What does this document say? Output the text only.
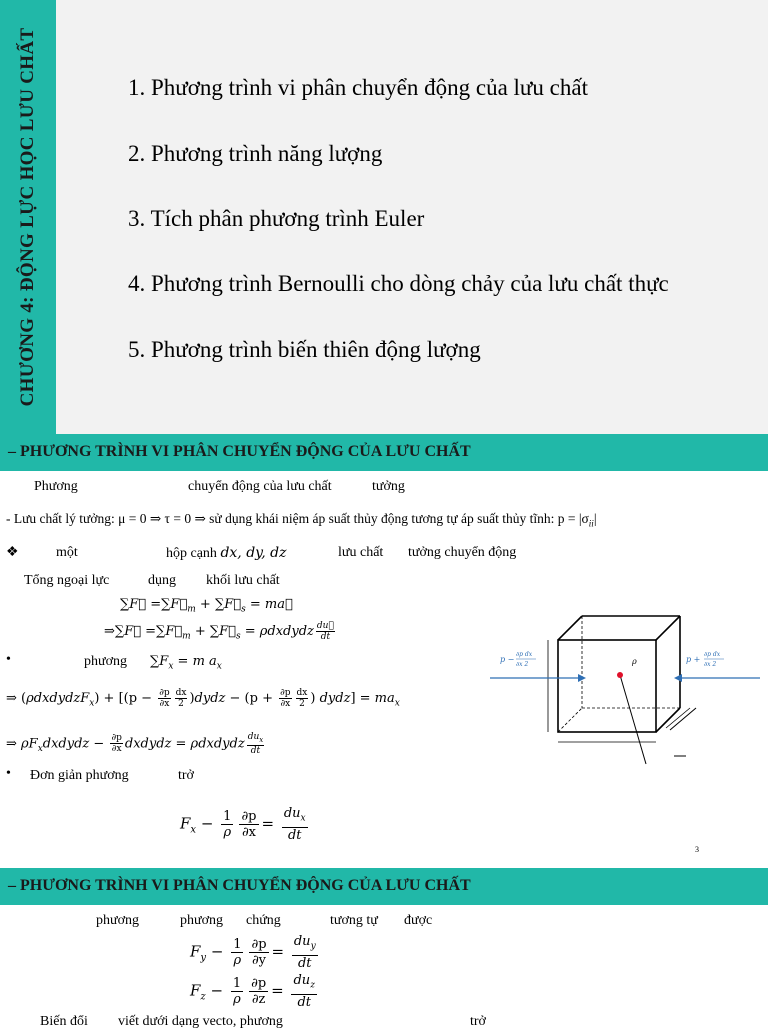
CHƯƠNG 4: ĐỘNG LỰC HỌC LƯU CHẤT	1. Phương trình vi phân chuyển động của lưu chất
2. Phương trình năng lượng
3. Tích phân phương trình Euler
4. Phương trình Bernoulli cho dòng chảy của lưu chất thực
5. Phương trình biến thiên động lượng
– PHƯƠNG TRÌNH VI PHÂN CHUYỂN ĐỘNG CỦA LƯU CHẤT
Phương	chuyển động của lưu chất	tưởng
- Lưu chất lý tưởng: μ = 0 ⇒ τ = 0 ⇒ sử dụng khái niệm áp suất thủy động tương tự áp suất thủy tĩnh: $p = |\sigma_{ii}|$
❖	một	hộp cạnh dx, dy, dz	lưu chất tưởng chuyển động
Tổng ngoại lực	dụng khối lưu chất
∑F⃗ $=\sum F⃗_m$ + $\sum F⃗_s$ = ma⃗
⇒∑F⃗ $=\sum F⃗_m$ + $\sum F⃗_s$ = ρdxdydz $\frac{du⃗}{dt}$
•	phương $\sum F_x = m$ $a_x$
⇒ (ρdxdydzF$_x$) + [($p - \frac{\partial p}{\partial x} \frac{dx}{2}$ )dydz − ($p + \frac{\partial p}{\partial x} \frac{dx}{2}$ ) dydz] = $ma_x$
⇒ $\rho F_xdxdydz - \frac{\partial p}{\partial x}$ dxdydz = ρdxdydz $\frac{du_x}{dt}$
• Đơn giản phương	trở
$F_x - \frac{1}{\rho} \frac{\partial p}{\partial x} = \frac{du_x}{dt}$
ρ
p −
∂p dx
∂x 2
p +
∂p dx
∂x 2
3
– PHƯƠNG TRÌNH VI PHÂN CHUYỂN ĐỘNG CỦA LƯU CHẤT
phương	phương chứng	tương tự được
$F_y - \frac{1}{\rho} \frac{\partial p}{\partial y} = \frac{du_y}{dt}$
$F_z - \frac{1}{\rho} \frac{\partial p}{\partial z} = \frac{du_z}{dt}$
Biến đổi viết dưới dạng vecto, phương	trở
